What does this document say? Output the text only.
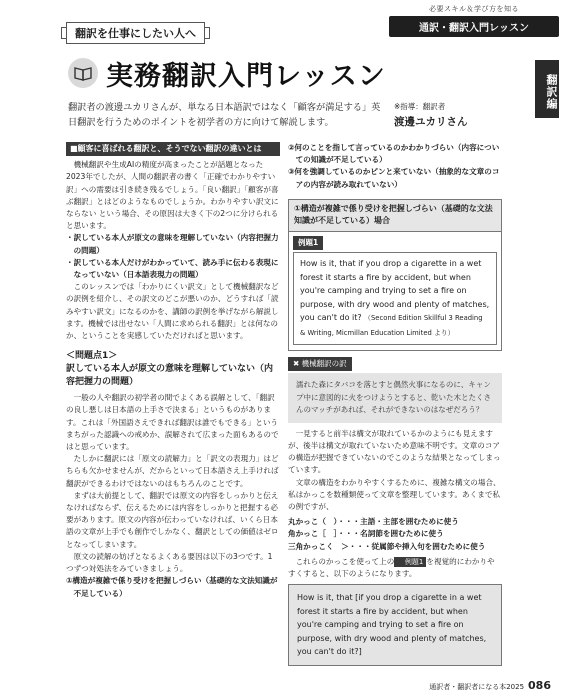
必要スキル＆学び方を知る
通訳・翻訳入門レッスン
翻訳を仕事にしたい人へ
実務翻訳入門レッスン	翻訳編
翻訳者の渡邊ユカリさんが、単なる日本語訳ではなく「顧客が満足する」英日翻訳を行うためのポイントを初学者の方に向けて解説します。
※指導：翻訳者
渡邊ユカリさん
■顧客に喜ばれる翻訳と、そうでない翻訳の違いとは
機械翻訳や生成AIの精度が高まったことが話題となった2023年でしたが、人間の翻訳者の書く「正確でわかりやすい訳」への需要は引き続き残るでしょう。「良い翻訳」「顧客が喜ぶ翻訳」とはどのようなものでしょうか。わかりやすい訳文にならない という場合、その原因は大きく下の2つに分けられると思います。
・訳している本人が原文の意味を理解していない（内容把握力の問題）
・訳している本人だけがわかっていて、読み手に伝わる表現になっていない（日本語表現力の問題）
このレッスンでは「わかりにくい訳文」として機械翻訳などの訳例を紹介し、その訳文のどこが悪いのか、どうすれば「読みやすい訳文」になるのかを、講師の訳例を挙げながら解説します。機械では出せない「人間に求められる翻訳」とは何なのか、ということを実感していただければと思います。
＜問題点1＞
訳している本人が原文の意味を理解していない（内容把握力の問題）
一般の人や翻訳の初学者の間でよくある誤解として、「翻訳の良し悪しは日本語の上手さで決まる」というものがあります。これは「外国語さえできれば翻訳は誰でもできる」というまちがった認識への戒めか、誤解されて広まった面もあるのではと思っています。
たしかに翻訳には「原文の読解力」と「訳文の表現力」はどちらも欠かせませんが、だからといって日本語さえ上手ければ翻訳ができるわけではないのはもちろんのことです。
まずは大前提として、翻訳では原文の内容をしっかりと伝えなければならず、伝えるためには内容をしっかりと把握する必要があります。原文の内容が伝わっていなければ、いくら日本語の文章が上手でも創作でしかなく、翻訳としての価値はゼロとなってしまいます。
原文の読解の妨げとなるよくある要因は以下の3つです。1つずつ対処法をみていきましょう。
①構造が複雑で係り受けを把握しづらい（基礎的な文法知識が不足している）
②何のことを指して言っているのかわかりづらい（内容についての知識が不足している）
③何を強調しているのかピンと来ていない（抽象的な文章のコアの内容が読み取れていない）
①構造が複雑で係り受けを把握しづらい（基礎的な文法知識が不足している）場合
例題1
How is it, that if you drop a cigarette in a wet forest it starts a fire by accident, but when you're camping and trying to set a fire on purpose, with dry wood and plenty of matches, you can't do it? （Second Edition Skillful 3 Reading & Writing, Micmillan Education Limited より）
✖ 機械翻訳の訳
濡れた森にタバコを落とすと偶然火事になるのに、キャンプ中に意図的に火をつけようとすると、乾いた木とたくさんのマッチがあれば、それができないのはなぜだろう？
一見すると前半は構文が取れているかのようにも見えますが、後半は構文が取れていないため意味不明です。文章のコアの構造が把握できていないのでこのような結果となってしまっています。
文章の構造をわかりやすくするために、複雑な構文の場合、私はかっこを数種類使って文章を整理しています。あくまで私の例ですが、
丸かっこ（　）・・・主語・主部を囲むために使う
角かっこ［　］・・・名詞節を囲むために使う
三角かっこく　＞・・・従属節や挿入句を囲むために使う
これらのかっこを使って上の 例題1 を視覚的にわかりやすくすると、以下のようになります。
How is it, that [if you drop a cigarette in a wet forest it starts a fire by accident, but when you're camping and trying to set a fire on purpose, with dry wood and plenty of matches, you can't do it?]
通訳者・翻訳者になる本2025 086
